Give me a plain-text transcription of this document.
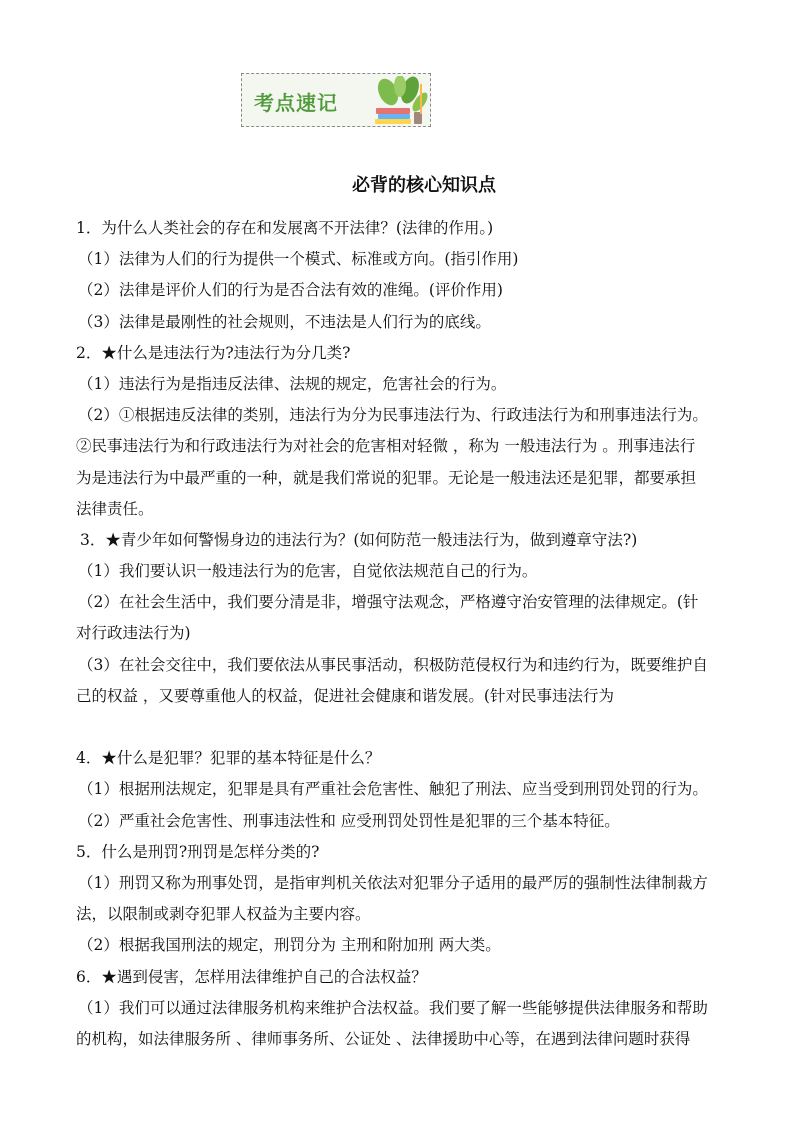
考点速记
必背的核心知识点
1．为什么人类社会的存在和发展离不开法律？(法律的作用。)
（1）法律为人们的行为提供一个模式、标准或方向。(指引作用)
（2）法律是评价人们的行为是否合法有效的准绳。(评价作用)
（3）法律是最刚性的社会规则，不违法是人们行为的底线。
2．★什么是违法行为?违法行为分几类?
（1）违法行为是指违反法律、法规的规定，危害社会的行为。
（2）①根据违反法律的类别，违法行为分为民事违法行为、行政违法行为和刑事违法行为。
②民事违法行为和行政违法行为对社会的危害相对轻微 ，称为 一般违法行为 。刑事违法行
为是违法行为中最严重的一种，就是我们常说的犯罪。无论是一般违法还是犯罪，都要承担
法律责任。
3．★青少年如何警惕身边的违法行为？(如何防范一般违法行为，做到遵章守法?)
（1）我们要认识一般违法行为的危害，自觉依法规范自己的行为。
（2）在社会生活中，我们要分清是非，增强守法观念，严格遵守治安管理的法律规定。(针
对行政违法行为)
（3）在社会交往中，我们要依法从事民事活动，积极防范侵权行为和违约行为，既要维护自
己的权益 ，又要尊重他人的权益，促进社会健康和谐发展。(针对民事违法行为
4．★什么是犯罪？犯罪的基本特征是什么？
（1）根据刑法规定，犯罪是具有严重社会危害性、触犯了刑法、应当受到刑罚处罚的行为。
（2）严重社会危害性、刑事违法性和 应受刑罚处罚性是犯罪的三个基本特征。
5．什么是刑罚?刑罚是怎样分类的?
（1）刑罚又称为刑事处罚，是指审判机关依法对犯罪分子适用的最严厉的强制性法律制裁方
法，以限制或剥夺犯罪人权益为主要内容。
（2）根据我国刑法的规定，刑罚分为 主刑和附加刑 两大类。
6．★遇到侵害，怎样用法律维护自己的合法权益？
（1）我们可以通过法律服务机构来维护合法权益。我们要了解一些能够提供法律服务和帮助
的机构，如法律服务所 、律师事务所、公证处 、法律援助中心等，在遇到法律问题时获得
